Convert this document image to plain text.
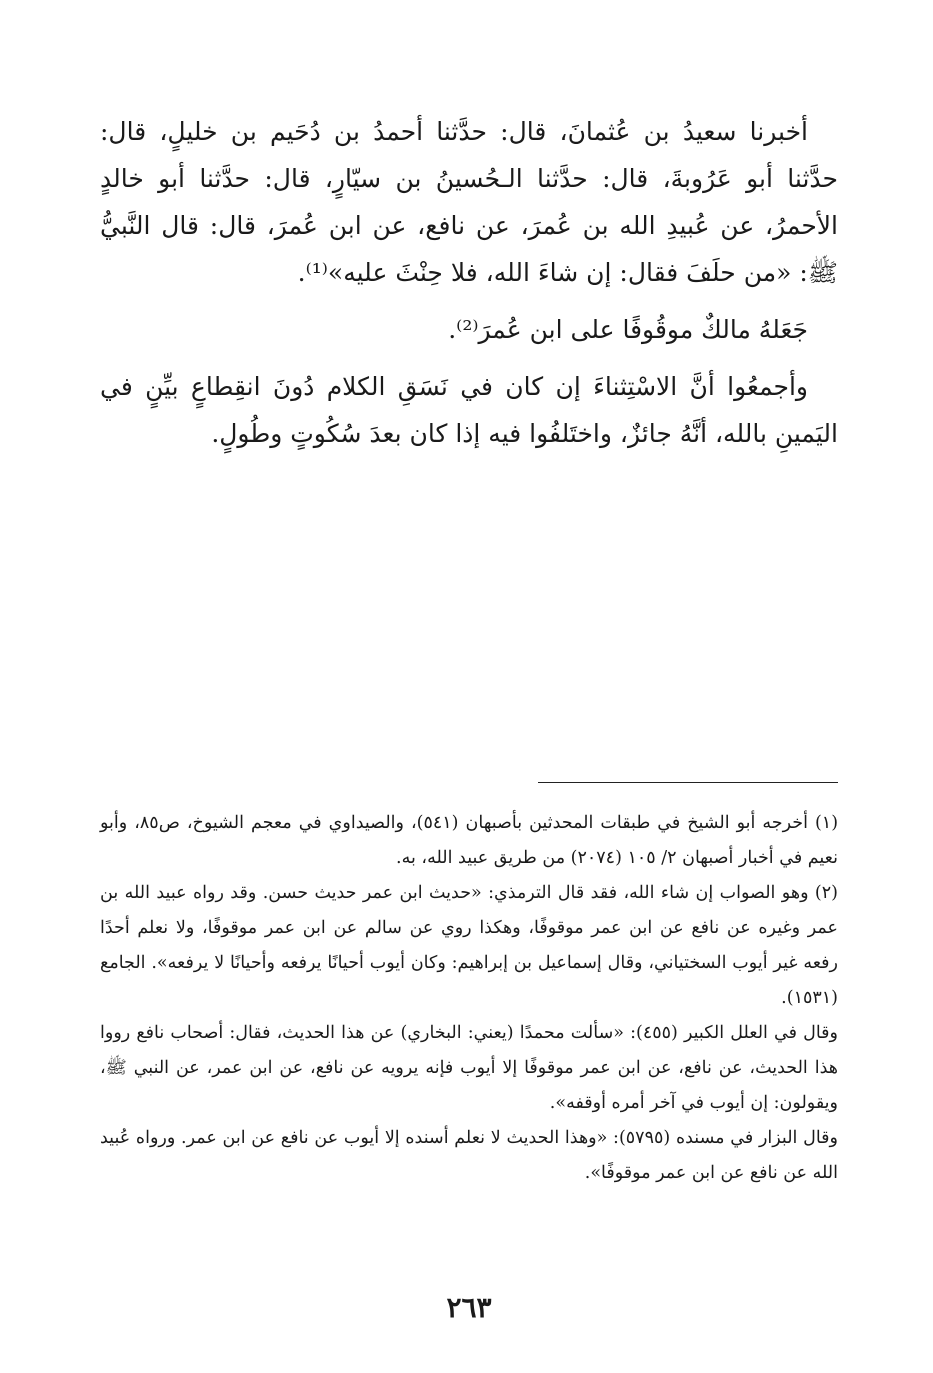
أخبرنا سعيدُ بن عُثمانَ، قال: حدَّثنا أحمدُ بن دُحَيم بن خليلٍ، قال: حدَّثنا أبو عَرُوبةَ، قال: حدَّثنا الـحُسينُ بن سيّارٍ، قال: حدَّثنا أبو خالدٍ الأحمرُ، عن عُبيدِ الله بن عُمرَ، عن نافع، عن ابن عُمرَ، قال: قال النَّبيُّ ﷺ: «من حلَفَ فقال: إن شاءَ الله، فلا حِنْثَ عليه»⁽¹⁾.

جَعَلهُ مالكٌ موقُوفًا على ابن عُمرَ⁽²⁾.

وأجمعُوا أنَّ الاسْتِثناءَ إن كان في نَسَقِ الكلام دُونَ انقِطاعٍ بيِّنٍ في اليَمينِ بالله، أنَّهُ جائزٌ، واختَلفُوا فيه إذا كان بعدَ سُكُوتٍ وطُولٍ.

(١) أخرجه أبو الشيخ في طبقات المحدثين بأصبهان (٥٤١)، والصيداوي في معجم الشيوخ، ص٨٥، وأبو نعيم في أخبار أصبهان ٢/ ١٠٥ (٢٠٧٤) من طريق عبيد الله، به.

(٢) وهو الصواب إن شاء الله، فقد قال الترمذي: «حديث ابن عمر حديث حسن. وقد رواه عبيد الله بن عمر وغيره عن نافع عن ابن عمر موقوفًا، وهكذا روي عن سالم عن ابن عمر موقوفًا، ولا نعلم أحدًا رفعه غير أيوب السختياني، وقال إسماعيل بن إبراهيم: وكان أيوب أحيانًا يرفعه وأحيانًا لا يرفعه». الجامع (١٥٣١).

وقال في العلل الكبير (٤٥٥): «سألت محمدًا (يعني: البخاري) عن هذا الحديث، فقال: أصحاب نافع رووا هذا الحديث، عن نافع، عن ابن عمر موقوفًا إلا أيوب فإنه يرويه عن نافع، عن ابن عمر، عن النبي ﷺ، ويقولون: إن أيوب في آخر أمره أوقفه».

وقال البزار في مسنده (٥٧٩٥): «وهذا الحديث لا نعلم أسنده إلا أيوب عن نافع عن ابن عمر. ورواه عُبيد الله عن نافع عن ابن عمر موقوفًا».

٢٦٣
